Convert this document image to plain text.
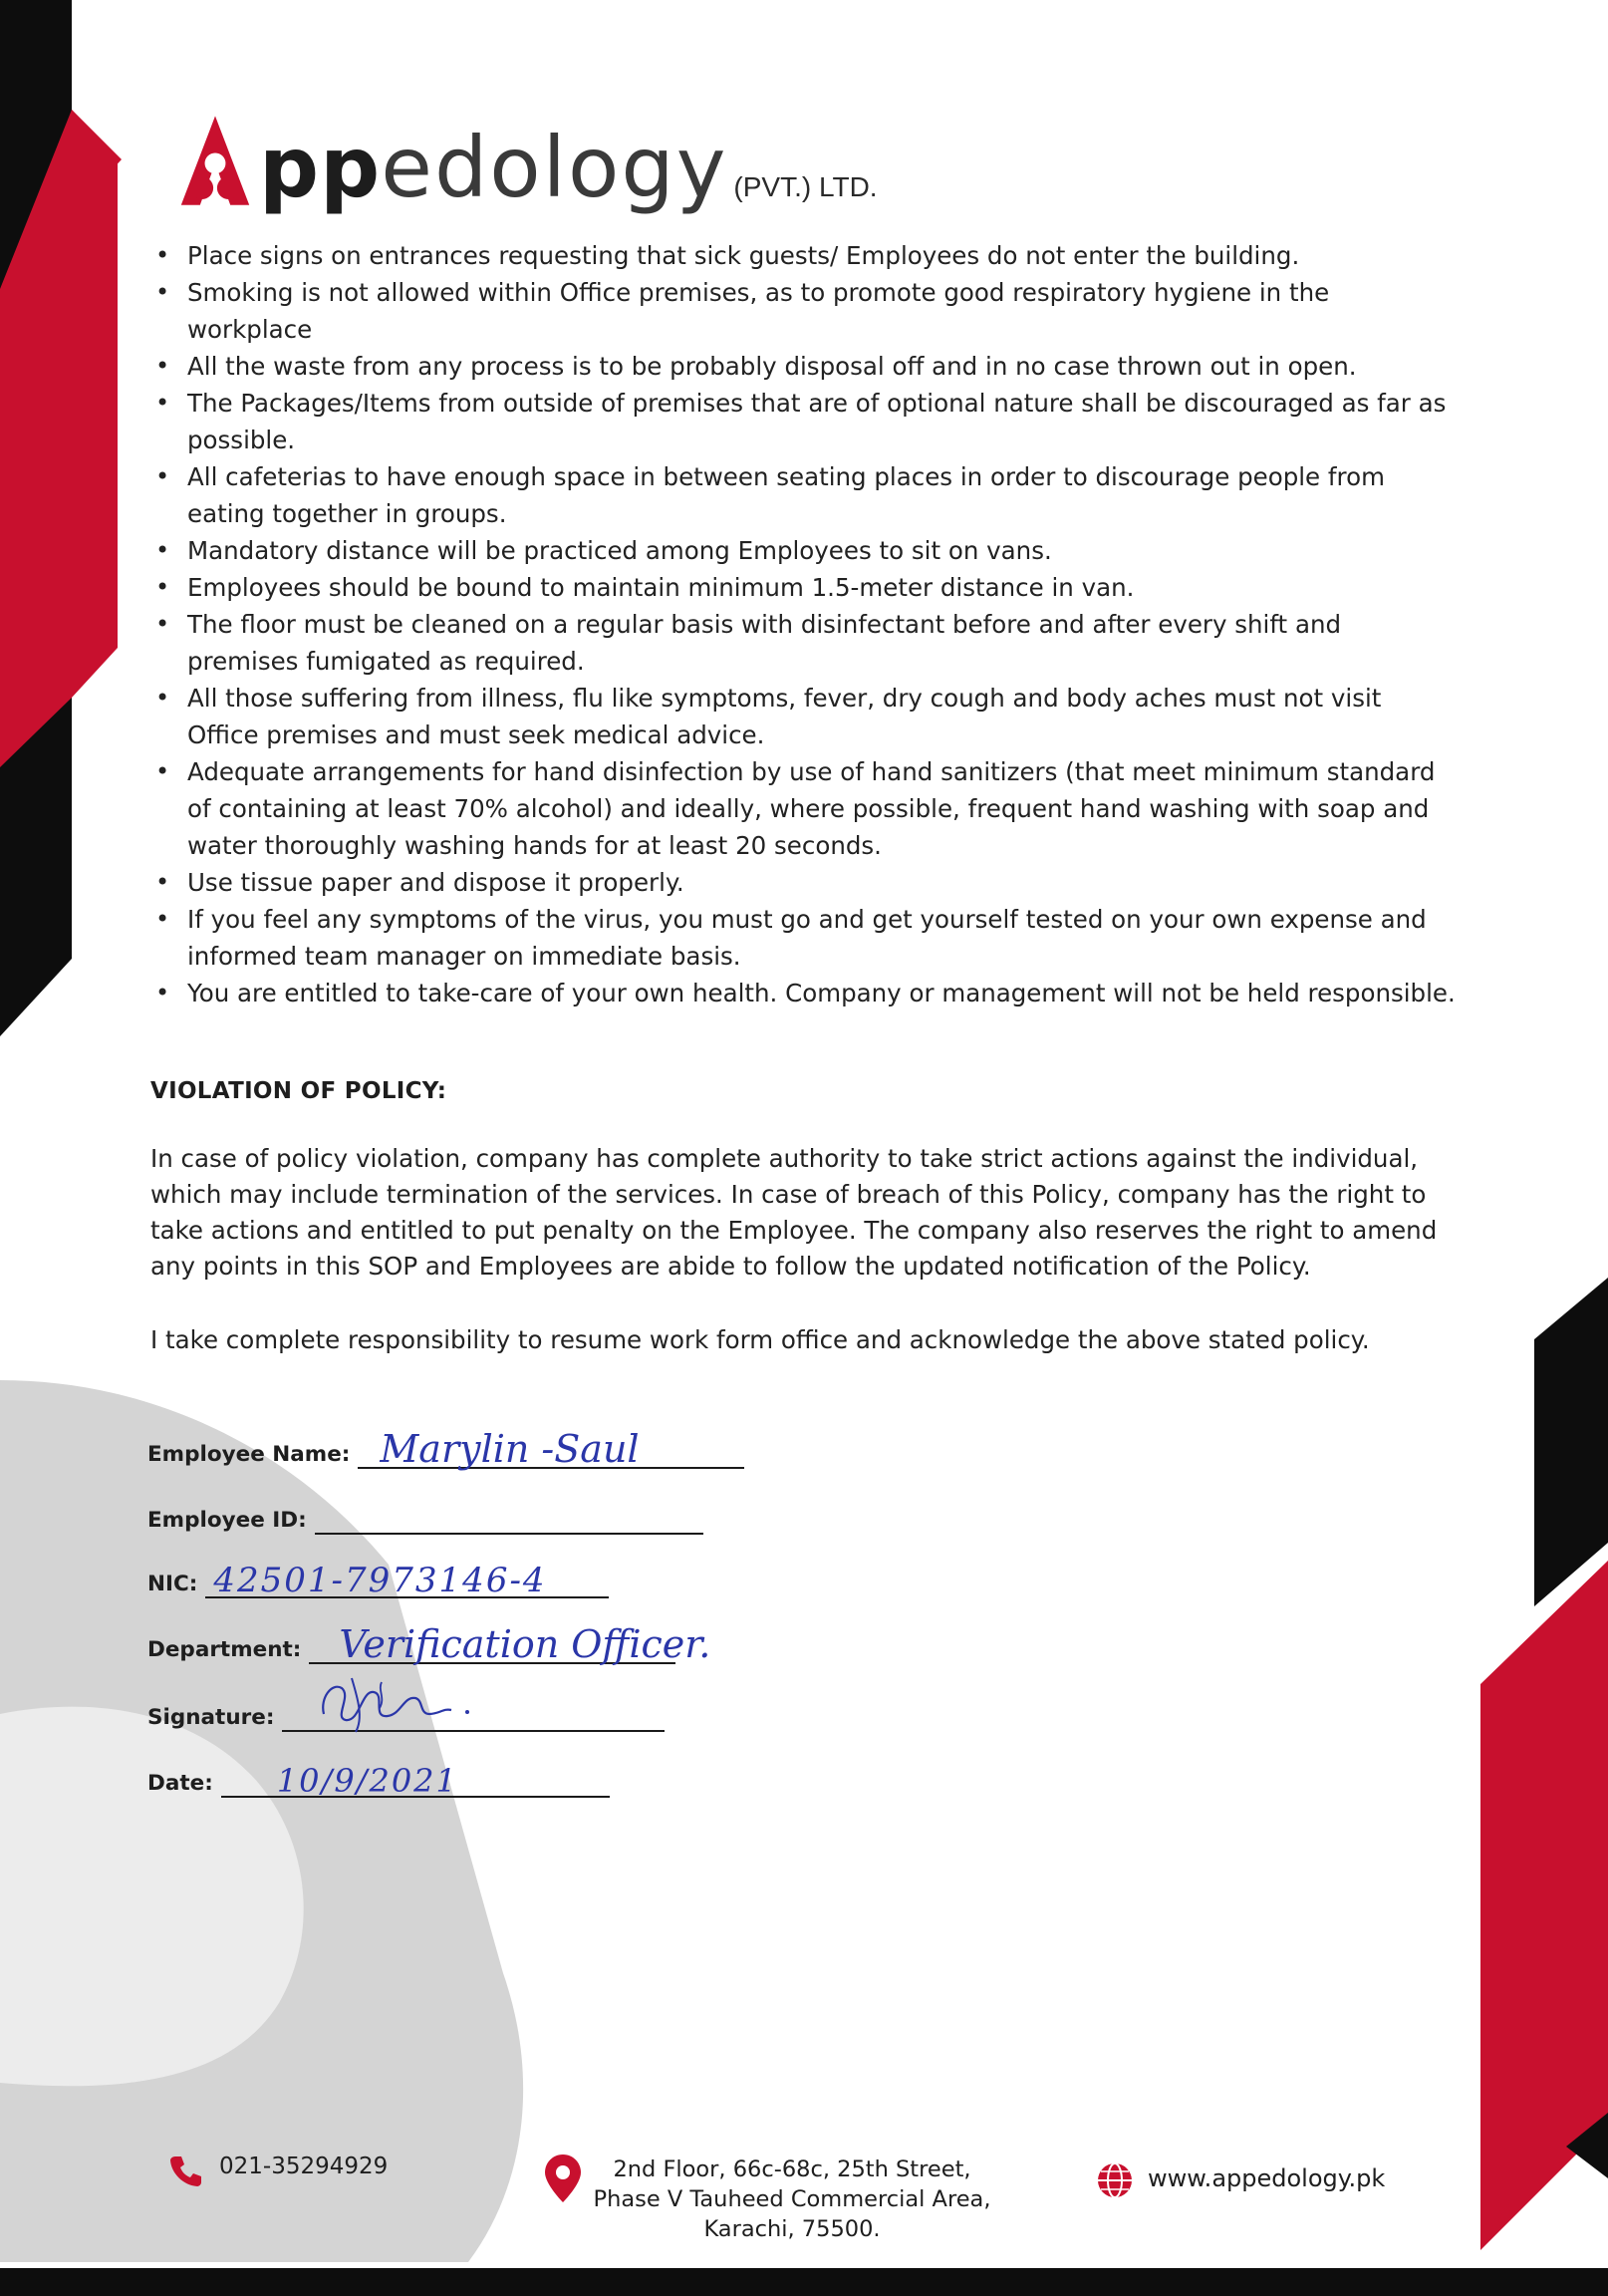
ppedology (PVT.) LTD.
• Place signs on entrances requesting that sick guests/ Employees do not enter the building.
• Smoking is not allowed within Office premises, as to promote good respiratory hygiene in the workplace
• All the waste from any process is to be probably disposal off and in no case thrown out in open.
• The Packages/Items from outside of premises that are of optional nature shall be discouraged as far as possible.
• All cafeterias to have enough space in between seating places in order to discourage people from eating together in groups.
• Mandatory distance will be practiced among Employees to sit on vans.
• Employees should be bound to maintain minimum 1.5-meter distance in van.
• The floor must be cleaned on a regular basis with disinfectant before and after every shift and premises fumigated as required.
• All those suffering from illness, flu like symptoms, fever, dry cough and body aches must not visit Office premises and must seek medical advice.
• Adequate arrangements for hand disinfection by use of hand sanitizers (that meet minimum standard of containing at least 70% alcohol) and ideally, where possible, frequent hand washing with soap and water thoroughly washing hands for at least 20 seconds.
• Use tissue paper and dispose it properly.
• If you feel any symptoms of the virus, you must go and get yourself tested on your own expense and informed team manager on immediate basis.
• You are entitled to take-care of your own health. Company or management will not be held responsible.
VIOLATION OF POLICY:

In case of policy violation, company has complete authority to take strict actions against the individual, which may include termination of the services. In case of breach of this Policy, company has the right to take actions and entitled to put penalty on the Employee. The company also reserves the right to amend any points in this SOP and Employees are abide to follow the updated notification of the Policy.

I take complete responsibility to resume work form office and acknowledge the above stated policy.

Employee Name: Marylin -Saul
Employee ID:
NIC: 42501-7973146-4
Department: Verification Officer.
Signature:
Date: 10/9/2021
021-35294929	2nd Floor, 66c-68c, 25th Street,
Phase V Tauheed Commercial Area,
Karachi, 75500.
www.appedology.pk
